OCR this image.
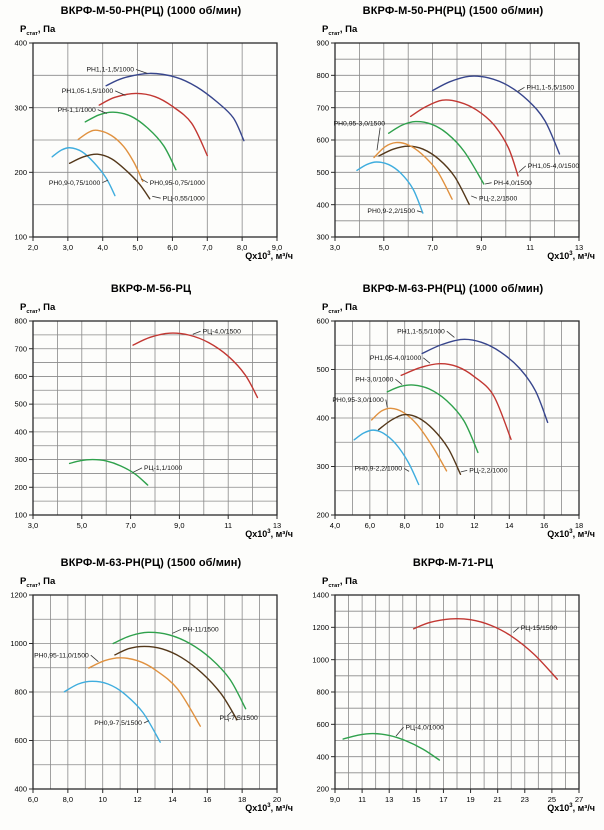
100
200
300
400
2,0	3,0	4,0	5,0	6,0	7,0	8,0	9,0
РН1,1-1,5/1000
РН1,05-1,5/1000
РН-1,1/1000
РН0,95-0,75/1000
РН0,9-0,75/1000
РЦ-0,55/1000
ВКРФ-М-50-РН(РЦ) (1000 об/мин)
$Р_{стат}$, Па
$Qx10^3$, м³/ч
300
400
500
600
700
800
900
3,0	5,0	7,0	9,0	11	13
РН1,1-5,5/1500
РН1,05-4,0/1500
РН-4,0/1500
РЦ-2,2/1500
РН0,95-3,0/1500
РН0,9-2,2/1500
ВКРФ-М-50-РН(РЦ) (1500 об/мин)
$Р_{стат}$, Па
$Qx10^3$, м³/ч
100
200
300
400
500
600
700
800
3,0	5,0	7,0	9,0	11	13
РЦ-4,0/1500
РЦ-1,1/1000
ВКРФ-М-56-РЦ
$Р_{стат}$, Па
$Qx10^3$, м³/ч
200
300
400
500
600
4,0	6,0	8,0	10	12	14	16	18
РН1,1-5,5/1000
РН1,05-4,0/1000
РН-3,0/1000
РН0,95-3,0/1000
РН0,9-2,2/1000	РЦ-2,2/1000
ВКРФ-М-63-РН(РЦ) (1000 об/мин)
$Р_{стат}$, Па
$Qx10^3$, м³/ч
400
600
800
1000
1200
6,0	8,0	10	12	14	16	18	20
РН-11/1500
РЦ-7,5/1500
РН0,95-11,0/1500
РН0,9-7,5/1500
ВКРФ-М-63-РН(РЦ) (1500 об/мин)
$Р_{стат}$, Па
$Qx10^3$, м³/ч
200
400
600
800
1000
1200
1400
9,0 11	13	15	17	19	21	23	25	27
РЦ-15/1500
РЦ-4,0/1000
ВКРФ-М-71-РЦ
$Р_{стат}$, Па
$Qx10^3$, м³/ч
